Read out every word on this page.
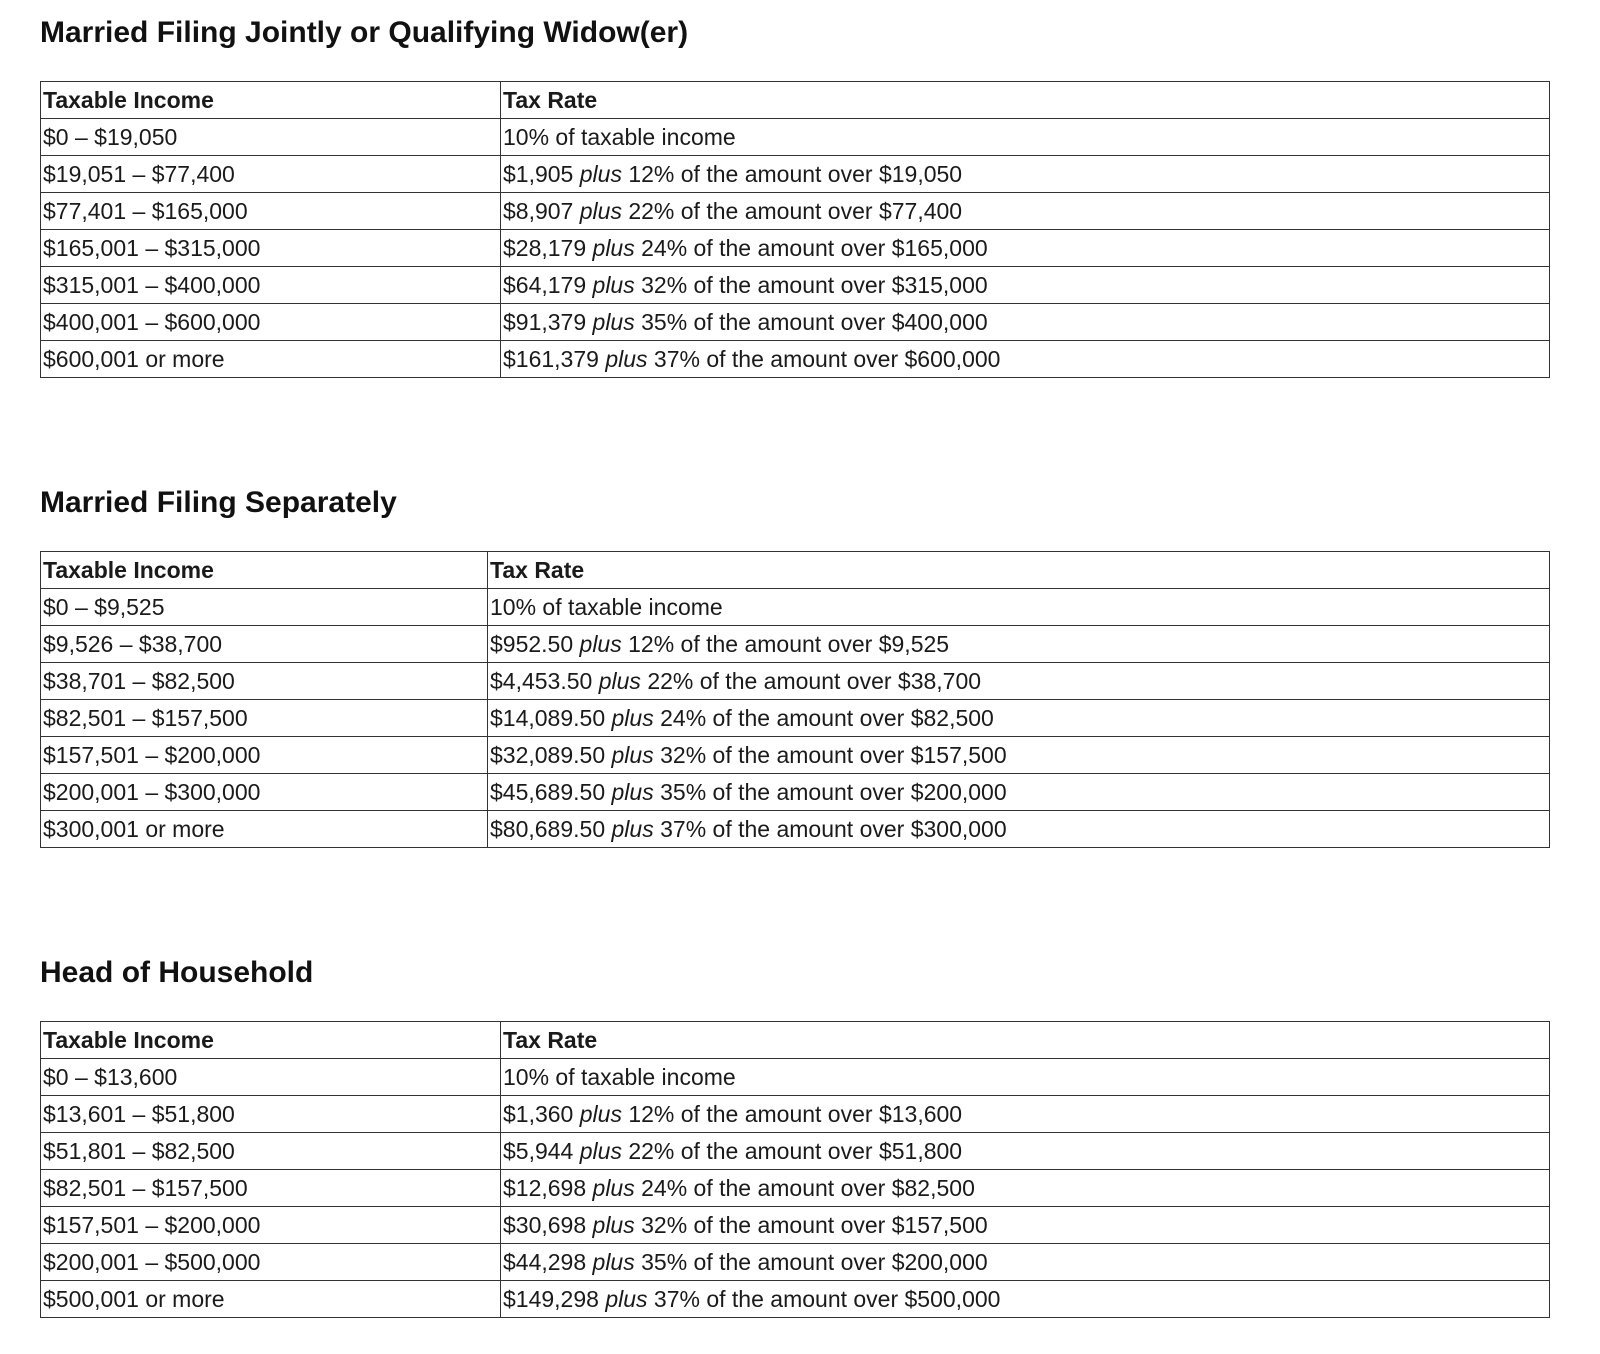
Married Filing Jointly or Qualifying Widow(er)
Taxable Income	Tax Rate
$0 – $19,050	10% of taxable income
$19,051 – $77,400	$1,905 plus 12% of the amount over $19,050
$77,401 – $165,000	$8,907 plus 22% of the amount over $77,400
$165,001 – $315,000	$28,179 plus 24% of the amount over $165,000
$315,001 – $400,000	$64,179 plus 32% of the amount over $315,000
$400,001 – $600,000	$91,379 plus 35% of the amount over $400,000
$600,001 or more	$161,379 plus 37% of the amount over $600,000
Married Filing Separately
Taxable Income	Tax Rate
$0 – $9,525	10% of taxable income
$9,526 – $38,700	$952.50 plus 12% of the amount over $9,525
$38,701 – $82,500	$4,453.50 plus 22% of the amount over $38,700
$82,501 – $157,500	$14,089.50 plus 24% of the amount over $82,500
$157,501 – $200,000	$32,089.50 plus 32% of the amount over $157,500
$200,001 – $300,000	$45,689.50 plus 35% of the amount over $200,000
$300,001 or more	$80,689.50 plus 37% of the amount over $300,000
Head of Household
Taxable Income	Tax Rate
$0 – $13,600	10% of taxable income
$13,601 – $51,800	$1,360 plus 12% of the amount over $13,600
$51,801 – $82,500	$5,944 plus 22% of the amount over $51,800
$82,501 – $157,500	$12,698 plus 24% of the amount over $82,500
$157,501 – $200,000	$30,698 plus 32% of the amount over $157,500
$200,001 – $500,000	$44,298 plus 35% of the amount over $200,000
$500,001 or more	$149,298 plus 37% of the amount over $500,000
